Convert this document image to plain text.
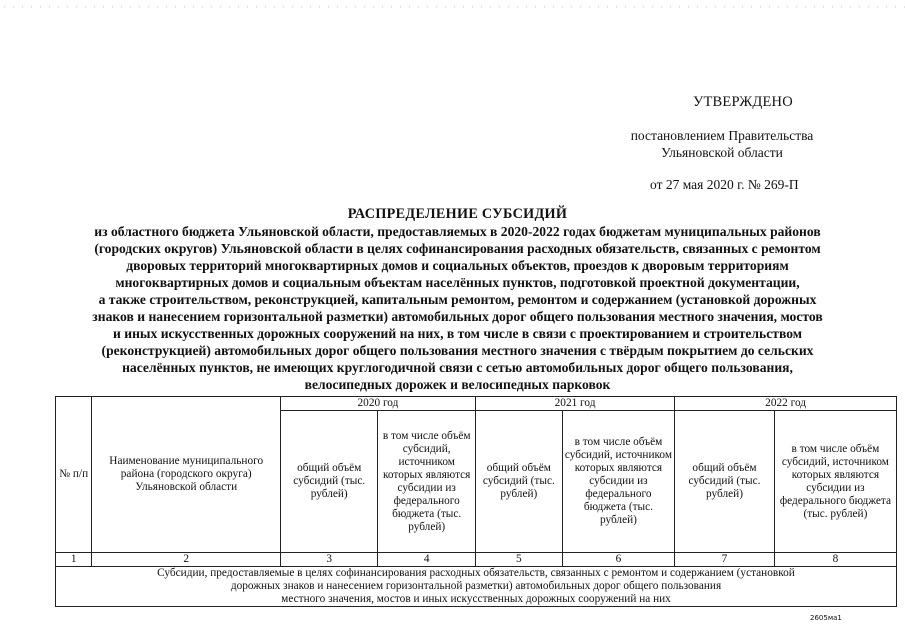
УТВЕРЖДЕНО
постановлением Правительства
Ульяновской области
от 27 мая 2020 г. № 269-П
РАСПРЕДЕЛЕНИЕ СУБСИДИЙ
из областного бюджета Ульяновской области, предоставляемых в 2020-2022 годах бюджетам муниципальных районов
(городских округов) Ульяновской области в целях софинансирования расходных обязательств, связанных с ремонтом
дворовых территорий многоквартирных домов и социальных объектов, проездов к дворовым территориям
многоквартирных домов и социальным объектам населённых пунктов, подготовкой проектной документации,
а также строительством, реконструкцией, капитальным ремонтом, ремонтом и содержанием (установкой дорожных
знаков и нанесением горизонтальной разметки) автомобильных дорог общего пользования местного значения, мостов
и иных искусственных дорожных сооружений на них, в том числе в связи с проектированием и строительством
(реконструкцией) автомобильных дорог общего пользования местного значения с твёрдым покрытием до сельских
населённых пунктов, не имеющих круглогодичной связи с сетью автомобильных дорог общего пользования,
велосипедных дорожек и велосипедных парковок
№ п/п	Наименование муниципального района (городского округа) Ульяновской области	2020 год		2021 год		2022 год	
		общий объём субсидий (тыс. рублей)	в том числе объём субсидий, источником которых являются субсидии из федерального бюджета (тыс. рублей)	общий объём субсидий (тыс. рублей)	в том числе объём субсидий, источником которых являются субсидии из федерального бюджета (тыс. рублей)	общий объём субсидий (тыс. рублей)	в том числе объём субсидий, источником которых являются субсидии из федерального бюджета (тыс. рублей)
1	2	3	4	5	6	7	8

Субсидии, предоставляемые в целях софинансирования расходных обязательств, связанных с ремонтом и содержанием (установкой
дорожных знаков и нанесением горизонтальной разметки) автомобильных дорог общего пользования
местного значения, мостов и иных искусственных дорожных сооружений на них							
2605мa1
